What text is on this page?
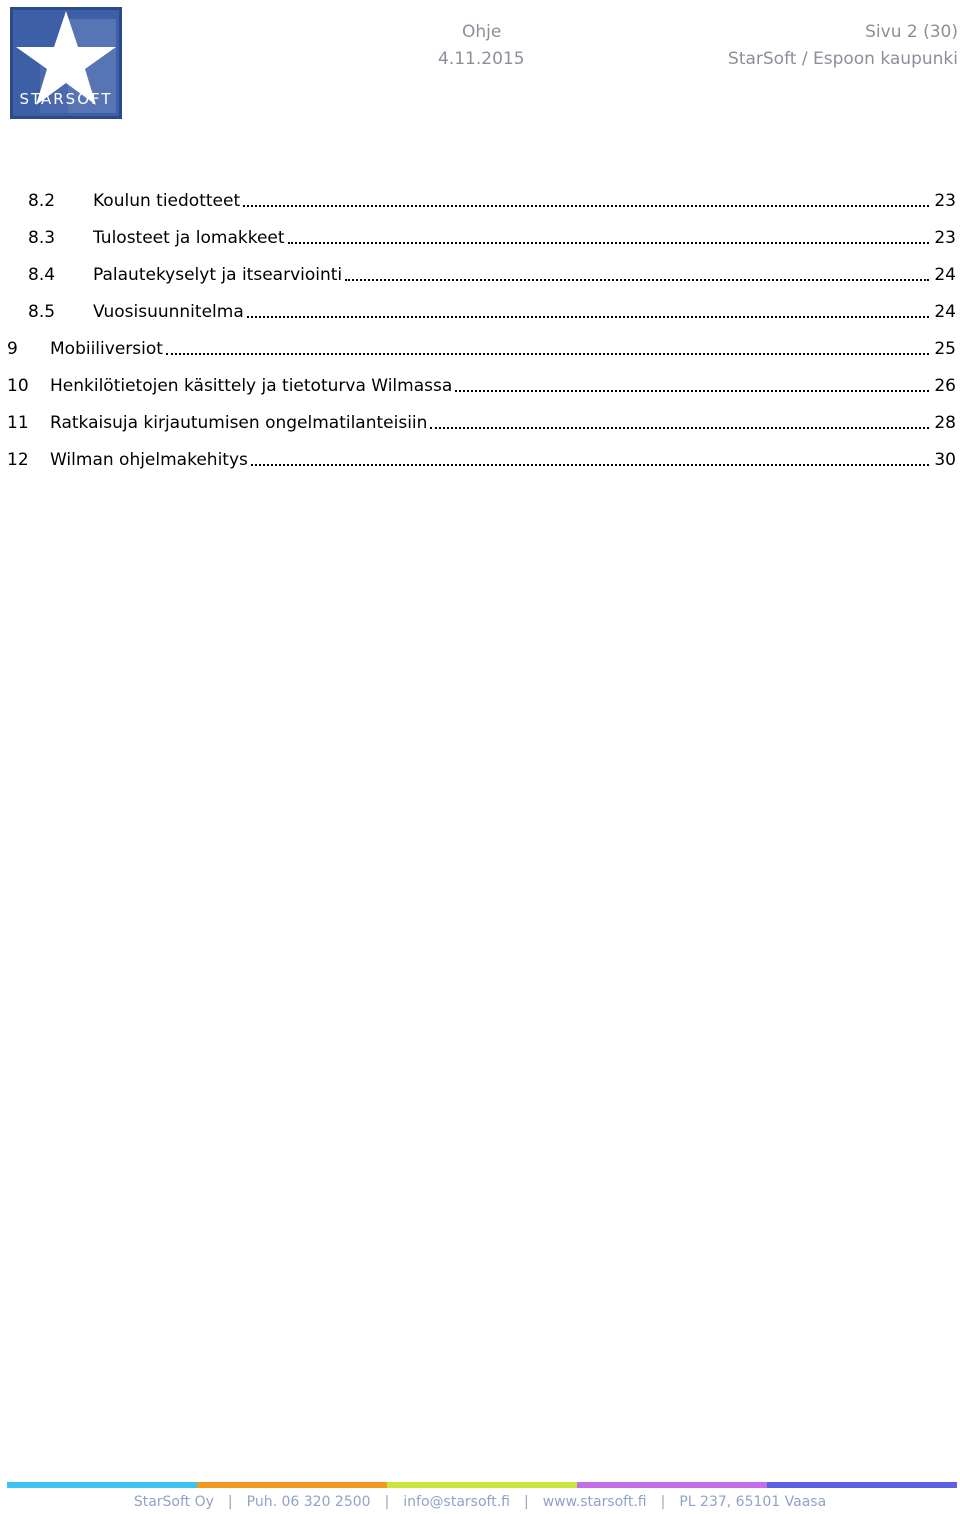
STARSOFT
Ohje
4.11.2015
Sivu 2 (30)
StarSoft / Espoon kaupunki
8.2 Koulun tiedotteet	23
8.3 Tulosteet ja lomakkeet	23
8.4 Palautekyselyt ja itsearviointi	24
8.5 Vuosisuunnitelma	24
9 Mobiiliversiot	25
10 Henkilötietojen käsittely ja tietoturva Wilmassa	26
11 Ratkaisuja kirjautumisen ongelmatilanteisiin	28
12 Wilman ohjelmakehitys	30
StarSoft Oy | Puh. 06 320 2500 | info@starsoft.fi | www.starsoft.fi | PL 237, 65101 Vaasa
